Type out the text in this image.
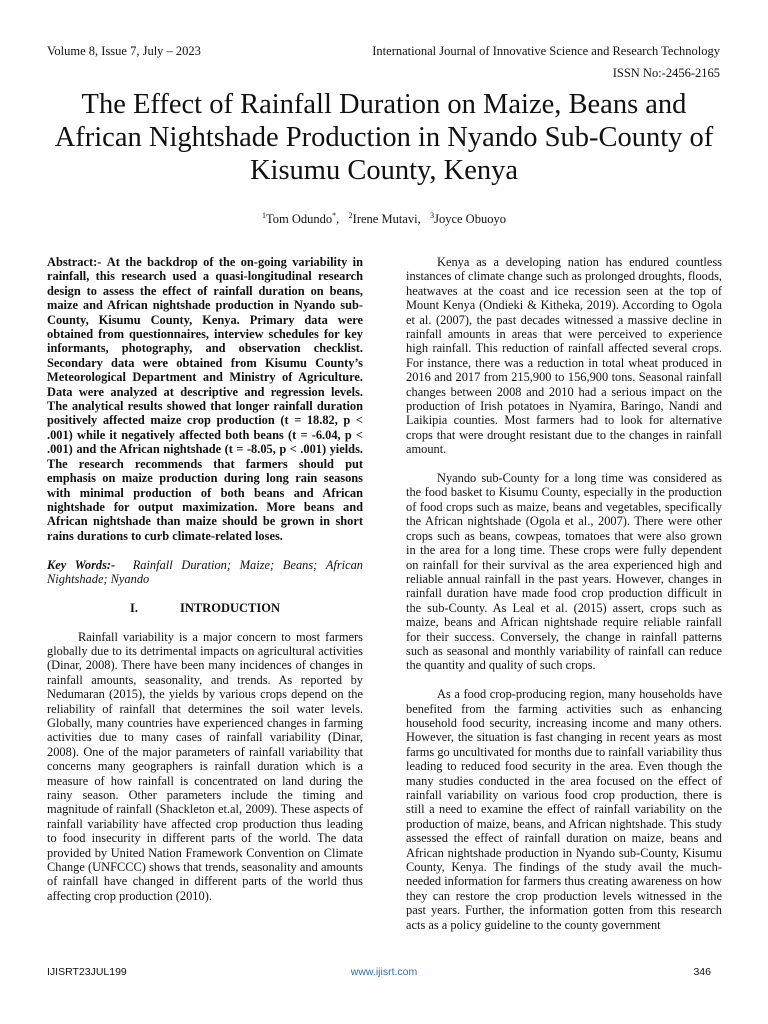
Volume 8, Issue 7, July – 2023	International Journal of Innovative Science and Research Technology
ISSN No:-2456-2165
The Effect of Rainfall Duration on Maize, Beans and African Nightshade Production in Nyando Sub-County of Kisumu County, Kenya
$^1$Tom Odundo*,   $^2$Irene Mutavi,   $^3$Joyce Obuoyo

Abstract:- At the backdrop of the on-going variability in rainfall, this research used a quasi-longitudinal research design to assess the effect of rainfall duration on beans, maize and African nightshade production in Nyando sub-County, Kisumu County, Kenya. Primary data were obtained from questionnaires, interview schedules for key informants, photography, and observation checklist. Secondary data were obtained from Kisumu County’s Meteorological Department and Ministry of Agriculture. Data were analyzed at descriptive and regression levels. The analytical results showed that longer rainfall duration positively affected maize crop production (t = 18.82, p < .001) while it negatively affected both beans (t = -6.04, p < .001) and the African nightshade (t = -8.05, p < .001) yields. The research recommends that farmers should put emphasis on maize production during long rain seasons with minimal production of both beans and African nightshade for output maximization. More beans and African nightshade than maize should be grown in short rains durations to curb climate-related loses.

Key Words:- Rainfall Duration; Maize; Beans; African Nightshade; Nyando

I.	INTRODUCTION

Rainfall variability is a major concern to most farmers globally due to its detrimental impacts on agricultural activities (Dinar, 2008). There have been many incidences of changes in rainfall amounts, seasonality, and trends. As reported by Nedumaran (2015), the yields by various crops depend on the reliability of rainfall that determines the soil water levels. Globally, many countries have experienced changes in farming activities due to many cases of rainfall variability (Dinar, 2008). One of the major parameters of rainfall variability that concerns many geographers is rainfall duration which is a measure of how rainfall is concentrated on land during the rainy season. Other parameters include the timing and magnitude of rainfall (Shackleton et.al, 2009). These aspects of rainfall variability have affected crop production thus leading to food insecurity in different parts of the world. The data provided by United Nation Framework Convention on Climate Change (UNFCCC) shows that trends, seasonality and amounts of rainfall have changed in different parts of the world thus affecting crop production (2010).

Kenya as a developing nation has endured countless instances of climate change such as prolonged droughts, floods, heatwaves at the coast and ice recession seen at the top of Mount Kenya (Ondieki & Kitheka, 2019). According to Ogola et al. (2007), the past decades witnessed a massive decline in rainfall amounts in areas that were perceived to experience high rainfall. This reduction of rainfall affected several crops. For instance, there was a reduction in total wheat produced in 2016 and 2017 from 215,900 to 156,900 tons. Seasonal rainfall changes between 2008 and 2010 had a serious impact on the production of Irish potatoes in Nyamira, Baringo, Nandi and Laikipia counties. Most farmers had to look for alternative crops that were drought resistant due to the changes in rainfall amount.

Nyando sub-County for a long time was considered as the food basket to Kisumu County, especially in the production of food crops such as maize, beans and vegetables, specifically the African nightshade (Ogola et al., 2007). There were other crops such as beans, cowpeas, tomatoes that were also grown in the area for a long time. These crops were fully dependent on rainfall for their survival as the area experienced high and reliable annual rainfall in the past years. However, changes in rainfall duration have made food crop production difficult in the sub-County. As Leal et al. (2015) assert, crops such as maize, beans and African nightshade require reliable rainfall for their success. Conversely, the change in rainfall patterns such as seasonal and monthly variability of rainfall can reduce the quantity and quality of such crops.

As a food crop-producing region, many households have benefited from the farming activities such as enhancing household food security, increasing income and many others. However, the situation is fast changing in recent years as most farms go uncultivated for months due to rainfall variability thus leading to reduced food security in the area. Even though the many studies conducted in the area focused on the effect of rainfall variability on various food crop production, there is still a need to examine the effect of rainfall variability on the production of maize, beans, and African nightshade. This study assessed the effect of rainfall duration on maize, beans and African nightshade production in Nyando sub-County, Kisumu County, Kenya. The findings of the study avail the much-needed information for farmers thus creating awareness on how they can restore the crop production levels witnessed in the past years. Further, the information gotten from this research acts as a policy guideline to the county government

IJISRT23JUL199	www.ijisrt.com	346
